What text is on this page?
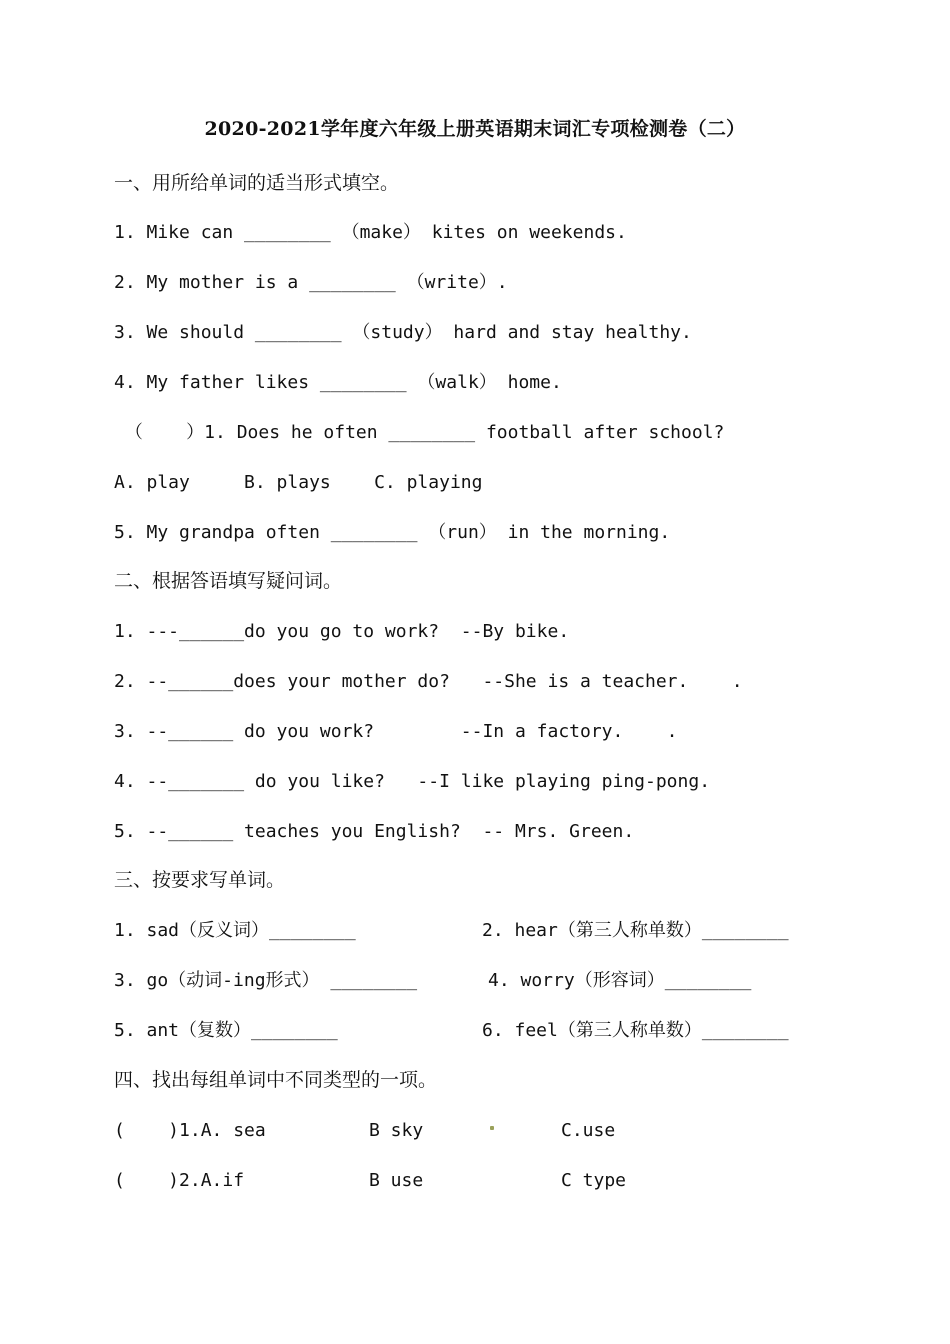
2020-2021学年度六年级上册英语期末词汇专项检测卷（二）
一、用所给单词的适当形式填空。
1. Mike can ________ （make） kites on weekends.
2. My mother is a ________ （write）.
3. We should ________ （study） hard and stay healthy.
4. My father likes ________ （walk） home.
（    ）1. Does he often ________ football after school?
A. play     B. plays    C. playing
5. My grandpa often ________ （run） in the morning.
二、根据答语填写疑问词。
1. ---______do you go to work?  --By bike.
2. --______does your mother do?   --She is a teacher.    .
3. --______ do you work?        --In a factory.    .
4. --_______ do you like?   --I like playing ping-pong.
5. --______ teaches you English?  -- Mrs. Green.
三、按要求写单词。
1. sad（反义词）________	2. hear（第三人称单数）________
3. go（动词-ing形式） ________	4. worry（形容词）________
5. ant（复数）________	6. feel（第三人称单数）________
四、找出每组单词中不同类型的一项。
(    )1.A. sea	B sky	C.use
(    )2.A.if	B use	C type
